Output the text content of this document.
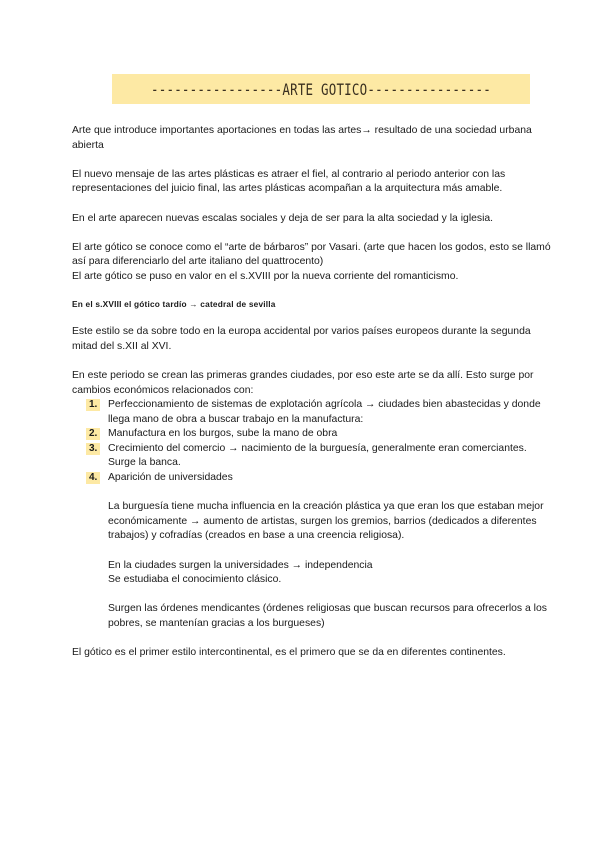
-----------------ARTE GOTICO----------------

Arte que introduce importantes aportaciones en todas las artes→ resultado de una sociedad urbana abierta

El nuevo mensaje de las artes plásticas es atraer el fiel, al contrario al periodo anterior con las representaciones del juicio final, las artes plásticas acompañan a la arquitectura más amable.

En el arte aparecen nuevas escalas sociales y deja de ser para la alta sociedad y la iglesia.

El arte gótico se conoce como el “arte de bárbaros” por Vasari. (arte que hacen los godos, esto se llamó así para diferenciarlo del arte italiano del quattrocento)

El arte gótico se puso en valor en el s.XVIII por la nueva corriente del romanticismo.

En el s.XVIII el gótico tardío → catedral de sevilla

Este estilo se da sobre todo en la europa accidental por varios países europeos durante la segunda mitad del s.XII al XVI.

En este periodo se crean las primeras grandes ciudades, por eso este arte se da allí. Esto surge por cambios económicos relacionados con:

1. Perfeccionamiento de sistemas de explotación agrícola → ciudades bien abastecidas y donde llega mano de obra a buscar trabajo en la manufactura:
2. Manufactura en los burgos, sube la mano de obra
3. Crecimiento del comercio → nacimiento de la burguesía, generalmente eran comerciantes. Surge la banca.
4. Aparición de universidades

La burguesía tiene mucha influencia en la creación plástica ya que eran los que estaban mejor económicamente → aumento de artistas, surgen los gremios, barrios (dedicados a diferentes trabajos) y cofradías (creados en base a una creencia religiosa).

En la ciudades surgen la universidades → independencia

Se estudiaba el conocimiento clásico.

Surgen las órdenes mendicantes (órdenes religiosas que buscan recursos para ofrecerlos a los pobres, se mantenían gracias a los burgueses)

El gótico es el primer estilo intercontinental, es el primero que se da en diferentes continentes.
